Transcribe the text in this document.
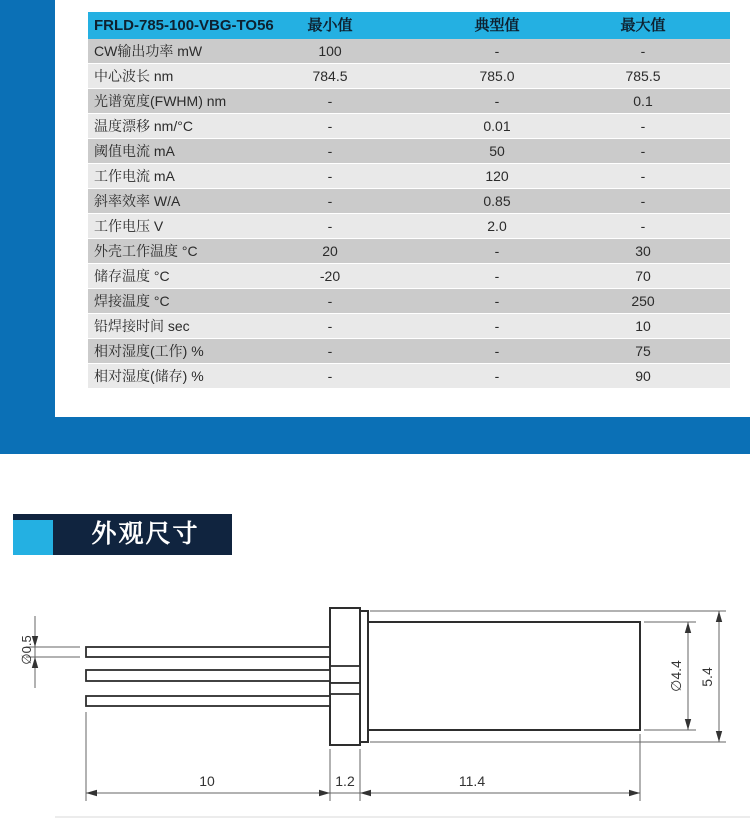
FRLD-785-100-VBG-TO56	最小值	典型值	最大值
CW输出功率 mW	100	-	-
中心波长 nm	784.5	785.0	785.5
光谱宽度(FWHM) nm	-	-	0.1
温度漂移 nm/°C	-	0.01	-
阈值电流 mA	-	50	-
工作电流 mA	-	120	-
斜率效率 W/A	-	0.85	-
工作电压 V	-	2.0	-
外壳工作温度 °C	20	-	30
储存温度 °C	-20	-	70
焊接温度 °C	-	-	250
铅焊接时间 sec	-	-	10
相对湿度(工作) %	-	-	75
相对湿度(储存) %	-	-	90
外观尺寸
∅0.5
∅4.4 5.4
10	1.2	11.4
